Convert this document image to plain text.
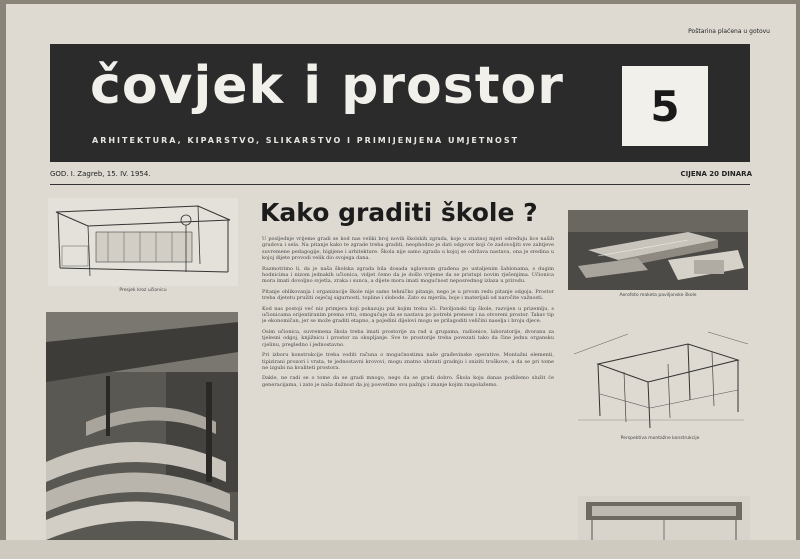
Poštarina plaćena u gotovu
čovjek i prostor
ARHITEKTURA, KIPARSTVO, SLIKARSTVO I PRIMIJENJENA UMJETNOST
5
GOD. I. Zagreb, 15. IV. 1954.	CIJENA 20 DINARA
Presjek kroz učionicu
Kako graditi škole ?

U posljednje vrijeme gradi se kod nas veliki broj novih školskih zgrada, koje u znatnoj mjeri određuju lice naših gradova i sela. Na pitanje kako te zgrade treba graditi, neophodno je dati odgovor koji će zadovoljiti sve zahtjeve suvremene pedagogije, higijene i arhitekture. Škola nije samo zgrada u kojoj se održava nastava, ona je sredina u kojoj dijete provodi velik dio svojega dana.

Razmotrimo li, da je naša školska zgrada bila dosada uglavnom građena po ustaljenim šablonama, s dugim hodnicima i nizom jednakih učionica, vidjet ćemo da je došlo vrijeme da se pristupi novim rješenjima. Učionica mora imati dovoljno svjetla, zraka i sunca, a dijete mora imati mogućnost neposrednog izlaza u prirodu.

Pitanje oblikovanja i organizacije škole nije samo tehničko pitanje, nego je u prvom redu pitanje odgoja. Prostor treba djetetu pružiti osjećaj sigurnosti, topline i slobode. Zato su mjerila, boje i materijali od naročite važnosti.

Kod nas postoji već niz primjera koji pokazuju put kojim treba ići. Paviljonski tip škole, razvijen u prizemlju, s učionicama orijentiranim prema vrtu, omogućuje da se nastava po potrebi prenese i na otvoreni prostor. Takav tip je ekonomičan, jer se može graditi etapno, a pojedini dijelovi mogu se prilagoditi veličini naselja i broju djece.

Osim učionica, suvremena škola treba imati prostorije za rad u grupama, radionice, laboratorije, dvoranu za tjelesni odgoj, knjižnicu i prostor za okupljanje. Sve te prostorije treba povezati tako da čine jednu organsku cjelinu, pregledno i jednostavno.

Pri izboru konstrukcije treba voditi računa o mogućnostima naše građevinske operative. Montažni elementi, tipizirani prozori i vrata, te jednostavni krovovi, mogu znatno ubrzati gradnju i sniziti troškove, a da se pri tome ne izgubi na kvaliteti prostora.

Dakle, ne radi se o tome da se gradi mnogo, nego da se gradi dobro. Škola koju danas podižemo služit će generacijama, i zato je naša dužnost da joj posvetimo svu pažnju i znanje kojim raspolažemo.

Aerofoto maketa paviljonske škole
Perspektiva montažne konstrukcije
